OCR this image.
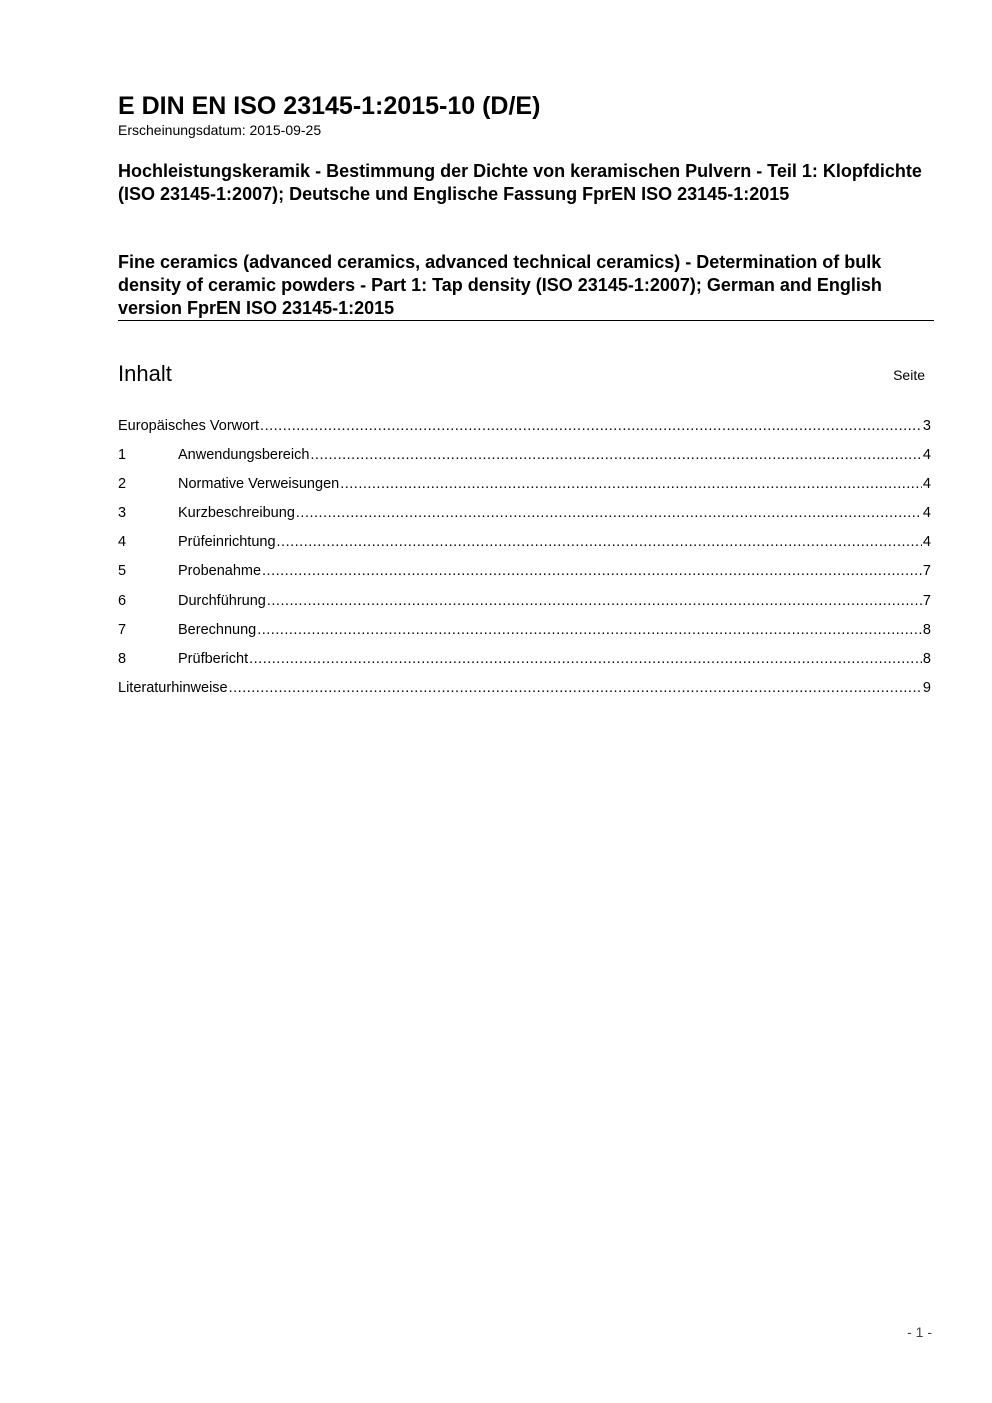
E DIN EN ISO 23145-1:2015-10 (D/E)
Erscheinungsdatum: 2015-09-25
Hochleistungskeramik - Bestimmung der Dichte von keramischen Pulvern - Teil 1: Klopfdichte (ISO 23145-1:2007); Deutsche und Englische Fassung FprEN ISO 23145-1:2015
Fine ceramics (advanced ceramics, advanced technical ceramics) - Determination of bulk density of ceramic powders - Part 1: Tap density (ISO 23145-1:2007); German and English version FprEN ISO 23145-1:2015
Inhalt	Seite
Europäisches Vorwort .....	3
1	Anwendungsbereich .....	4
2	Normative Verweisungen .....	4
3	Kurzbeschreibung .....	4
4	Prüfeinrichtung .....	4
5	Probenahme .....	7
6	Durchführung .....	7
7	Berechnung .....	8
8	Prüfbericht .....	8
Literaturhinweise .....	9
- 1 -
